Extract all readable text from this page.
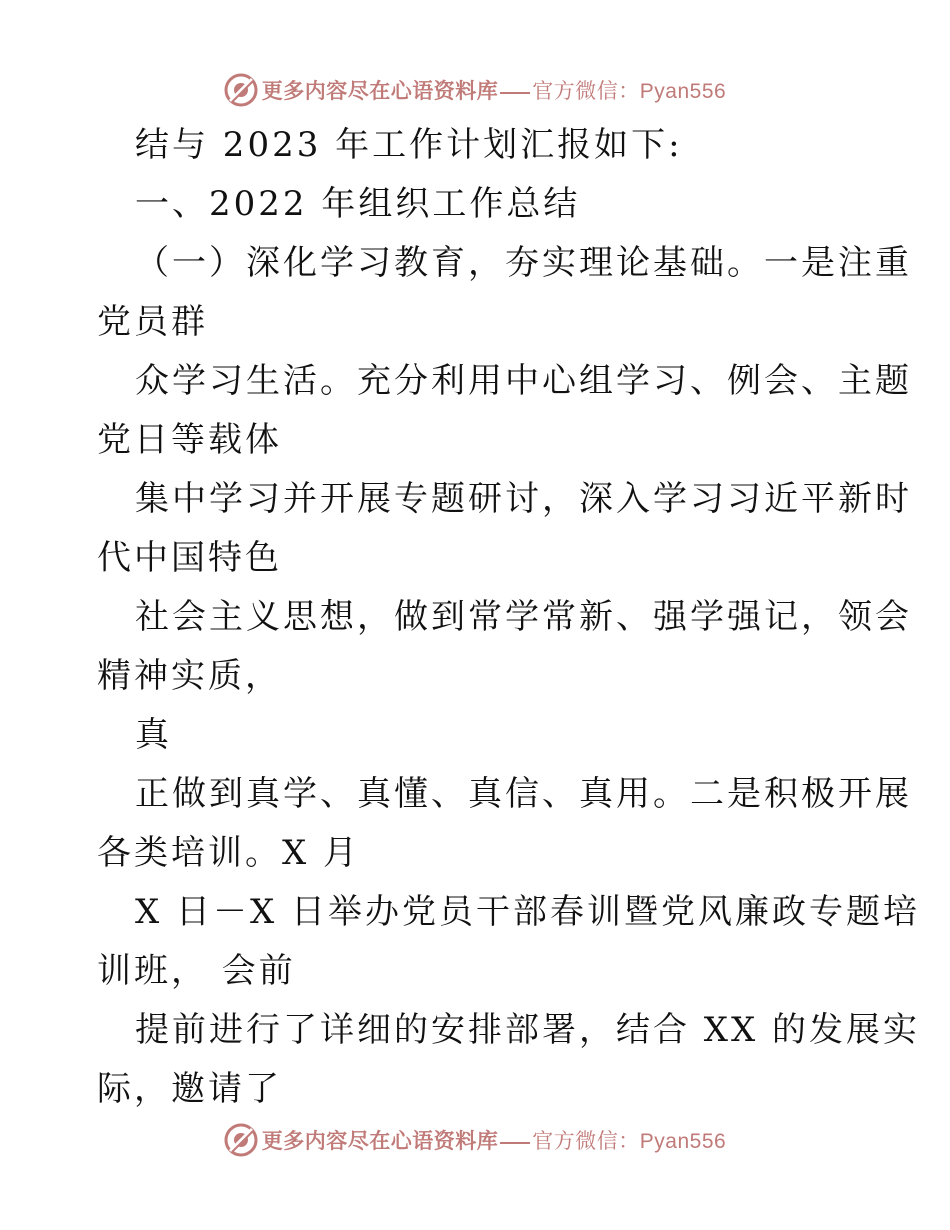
更多内容尽在心语资料库 官方微信：Pyan556
结与 2023 年工作计划汇报如下:
一、2022 年组织工作总结
（一）深化学习教育，夯实理论基础。一是注重
党员群
众学习生活。充分利用中心组学习、例会、主题
党日等载体
集中学习并开展专题研讨，深入学习习近平新时
代中国特色
社会主义思想，做到常学常新、强学强记，领会
精神实质，
真
正做到真学、真懂、真信、真用。二是积极开展
各类培训。X 月
X 日－X 日举办党员干部春训暨党风廉政专题培
训班， 会前
提前进行了详细的安排部署，结合 XX 的发展实
际，邀请了
更多内容尽在心语资料库 官方微信：Pyan556
